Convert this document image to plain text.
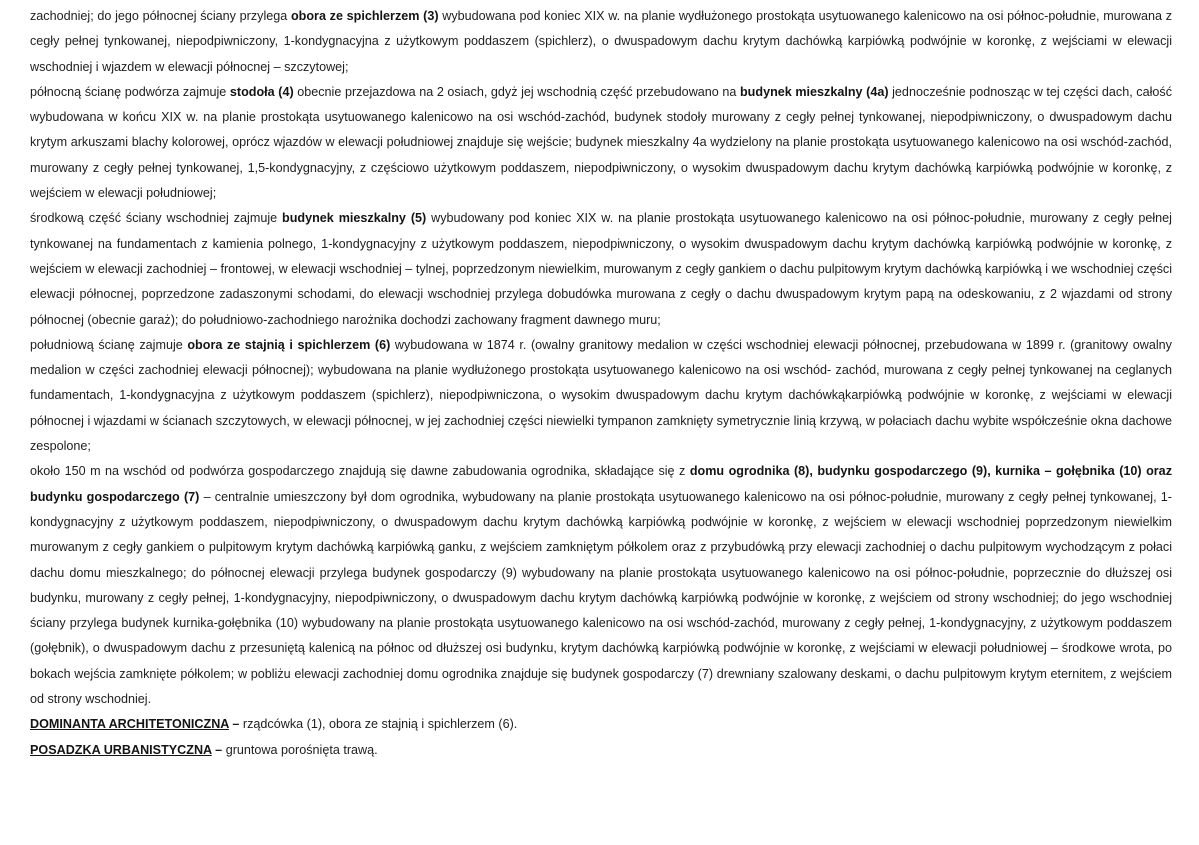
zachodniej; do jego północnej ściany przylega obora ze spichlerzem (3) wybudowana pod koniec XIX w. na planie wydłużonego prostokąta usytuowanego kalenicowo na osi północ-południe, murowana z cegły pełnej tynkowanej, niepodpiwniczony, 1-kondygnacyjna z użytkowym poddaszem (spichlerz), o dwuspadowym dachu krytym dachówką karpiówką podwójnie w koronkę, z wejściami w elewacji wschodniej i wjazdem w elewacji północnej – szczytowej;

północną ścianę podwórza zajmuje stodoła (4) obecnie przejazdowa na 2 osiach, gdyż jej wschodnią część przebudowano na budynek mieszkalny (4a) jednocześnie podnosząc w tej części dach, całość wybudowana w końcu XIX w. na planie prostokąta usytuowanego kalenicowo na osi wschód-zachód, budynek stodoły murowany z cegły pełnej tynkowanej, niepodpiwniczony, o dwuspadowym dachu krytym arkuszami blachy kolorowej, oprócz wjazdów w elewacji południowej znajduje się wejście; budynek mieszkalny 4a wydzielony na planie prostokąta usytuowanego kalenicowo na osi wschód-zachód, murowany z cegły pełnej tynkowanej, 1,5-kondygnacyjny, z częściowo użytkowym poddaszem, niepodpiwniczony, o wysokim dwuspadowym dachu krytym dachówką karpiówką podwójnie w koronkę, z wejściem w elewacji południowej;

środkową część ściany wschodniej zajmuje budynek mieszkalny (5) wybudowany pod koniec XIX w. na planie prostokąta usytuowanego kalenicowo na osi północ-południe, murowany z cegły pełnej tynkowanej na fundamentach z kamienia polnego, 1-kondygnacyjny z użytkowym poddaszem, niepodpiwniczony, o wysokim dwuspadowym dachu krytym dachówką karpiówką podwójnie w koronkę, z wejściem w elewacji zachodniej – frontowej, w elewacji wschodniej – tylnej, poprzedzonym niewielkim, murowanym z cegły gankiem o dachu pulpitowym krytym dachówką karpiówką i we wschodniej części elewacji północnej, poprzedzone zadaszonymi schodami, do elewacji wschodniej przylega dobudówka murowana z cegły o dachu dwuspadowym krytym papą na odeskowaniu, z 2 wjazdami od strony północnej (obecnie garaż); do południowo-zachodniego narożnika dochodzi zachowany fragment dawnego muru;

południową ścianę zajmuje obora ze stajnią i spichlerzem (6) wybudowana w 1874 r. (owalny granitowy medalion w części wschodniej elewacji północnej, przebudowana w 1899 r. (granitowy owalny medalion w części zachodniej elewacji północnej); wybudowana na planie wydłużonego prostokąta usytuowanego kalenicowo na osi wschód- zachód, murowana z cegły pełnej tynkowanej na ceglanych fundamentach, 1-kondygnacyjna z użytkowym poddaszem (spichlerz), niepodpiwniczona, o wysokim dwuspadowym dachu krytym dachówkąkarpiówką podwójnie w koronkę, z wejściami w elewacji północnej i wjazdami w ścianach szczytowych, w elewacji północnej, w jej zachodniej części niewielki tympanon zamknięty symetrycznie linią krzywą, w połaciach dachu wybite współcześnie okna dachowe zespolone;

około 150 m na wschód od podwórza gospodarczego znajdują się dawne zabudowania ogrodnika, składające się z domu ogrodnika (8), budynku gospodarczego (9), kurnika – gołębnika (10) oraz budynku gospodarczego (7) – centralnie umieszczony był dom ogrodnika, wybudowany na planie prostokąta usytuowanego kalenicowo na osi północ-południe, murowany z cegły pełnej tynkowanej, 1-kondygnacyjny z użytkowym poddaszem, niepodpiwniczony, o dwuspadowym dachu krytym dachówką karpiówką podwójnie w koronkę, z wejściem w elewacji wschodniej poprzedzonym niewielkim murowanym z cegły gankiem o pulpitowym krytym dachówką karpiówką ganku, z wejściem zamkniętym półkolem oraz z przybudówką przy elewacji zachodniej o dachu pulpitowym wychodzącym z połaci dachu domu mieszkalnego; do północnej elewacji przylega budynek gospodarczy (9) wybudowany na planie prostokąta usytuowanego kalenicowo na osi północ-południe, poprzecznie do dłuższej osi budynku, murowany z cegły pełnej, 1-kondygnacyjny, niepodpiwniczony, o dwuspadowym dachu krytym dachówką karpiówką podwójnie w koronkę, z wejściem od strony wschodniej; do jego wschodniej ściany przylega budynek kurnika-gołębnika (10) wybudowany na planie prostokąta usytuowanego kalenicowo na osi wschód-zachód, murowany z cegły pełnej, 1-kondygnacyjny, z użytkowym poddaszem (gołębnik), o dwuspadowym dachu z przesuniętą kalenicą na północ od dłuższej osi budynku, krytym dachówką karpiówką podwójnie w koronkę, z wejściami w elewacji południowej – środkowe wrota, po bokach wejścia zamknięte półkolem; w pobliżu elewacji zachodniej domu ogrodnika znajduje się budynek gospodarczy (7) drewniany szalowany deskami, o dachu pulpitowym krytym eternitem, z wejściem od strony wschodniej.

DOMINANTA ARCHITETONICZNA – rządcówka (1), obora ze stajnią i spichlerzem (6).

POSADZKA URBANISTYCZNA – gruntowa porośnięta trawą.
